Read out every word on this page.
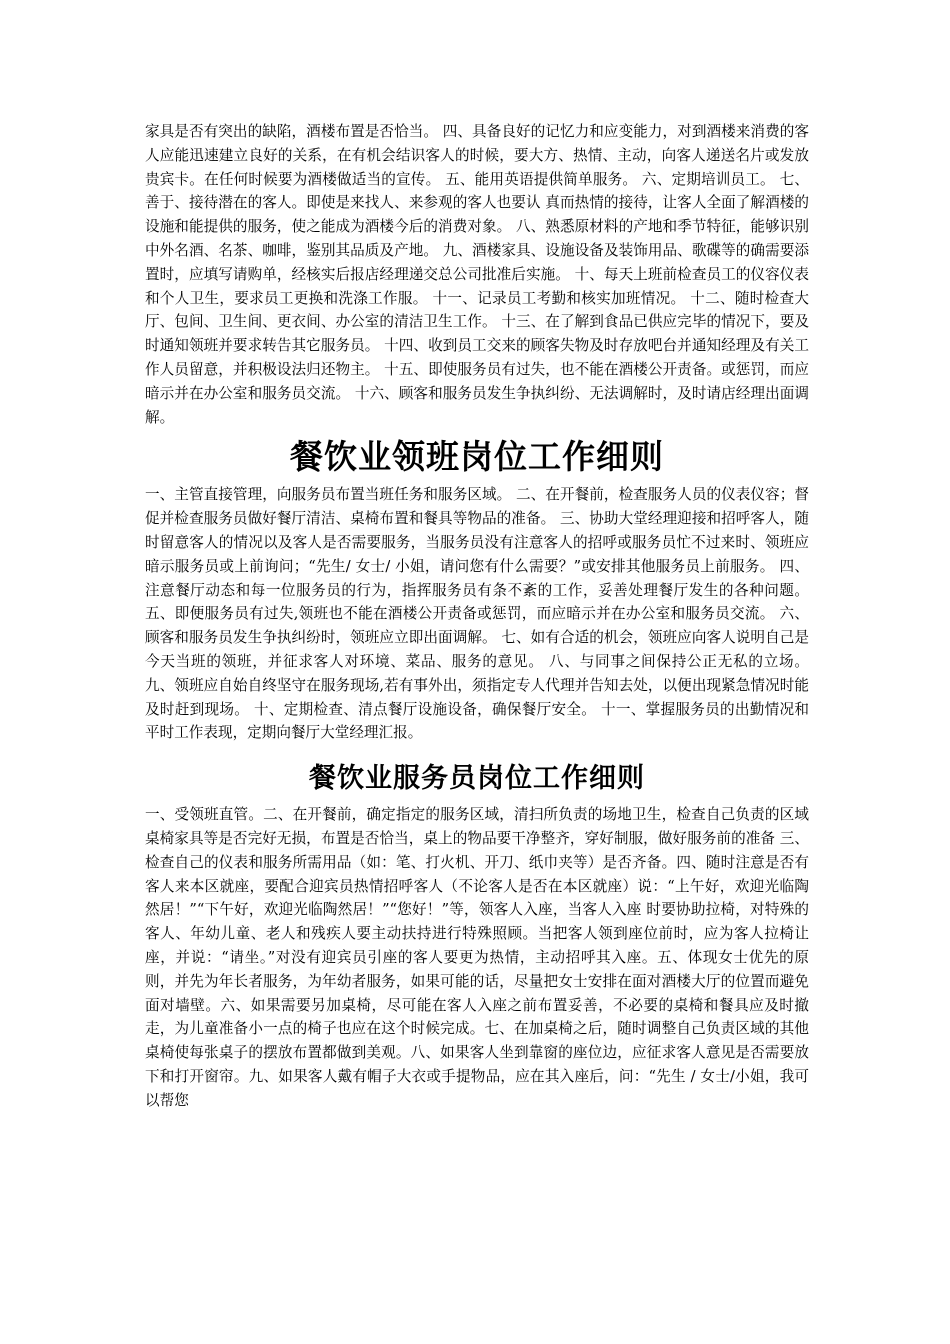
家具是否有突出的缺陷，酒楼布置是否恰当。 四、具备良好的记忆力和应变能力，对到酒楼来消费的客人应能迅速建立良好的关系，在有机会结识客人的时候，要大方、热情、主动，向客人递送名片或发放贵宾卡。在任何时候要为酒楼做适当的宣传。 五、能用英语提供简单服务。 六、定期培训员工。 七、 善于、接待潜在的客人。即使是来找人、来参观的客人也要认 真而热情的接待，让客人全面了解酒楼的设施和能提供的服务，使之能成为酒楼今后的消费对象。 八、熟悉原材料的产地和季节特征，能够识别中外名酒、名茶、咖啡，鉴别其品质及产地。 九、酒楼家具、设施设备及装饰用品、歌碟等的确需要添置时，应填写请购单，经核实后报店经理递交总公司批准后实施。 十、每天上班前检查员工的仪容仪表和个人卫生，要求员工更换和洗涤工作服。 十一、记录员工考勤和核实加班情况。 十二、随时检查大厅、包间、卫生间、更衣间、办公室的清洁卫生工作。 十三、在了解到食品已供应完毕的情况下，要及时通知领班并要求转告其它服务员。 十四、收到员工交来的顾客失物及时存放吧台并通知经理及有关工作人员留意，并积极设法归还物主。 十五、即使服务员有过失，也不能在酒楼公开责备。或惩罚，而应暗示并在办公室和服务员交流。 十六、顾客和服务员发生争执纠纷、无法调解时，及时请店经理出面调解。

餐饮业领班岗位工作细则

一、主管直接管理，向服务员布置当班任务和服务区域。 二、在开餐前，检查服务人员的仪表仪容；督促并检查服务员做好餐厅清洁、桌椅布置和餐具等物品的准备。 三、协助大堂经理迎接和招呼客人，随时留意客人的情况以及客人是否需要服务，当服务员没有注意客人的招呼或服务员忙不过来时、领班应暗示服务员或上前询问；“先生/ 女士/ 小姐，请问您有什么需要？”或安排其他服务员上前服务。 四、注意餐厅动态和每一位服务员的行为，指挥服务员有条不紊的工作，妥善处理餐厅发生的各种问题。 五、即便服务员有过失,领班也不能在酒楼公开责备或惩罚，而应暗示并在办公室和服务员交流。 六、顾客和服务员发生争执纠纷时，领班应立即出面调解。 七、如有合适的机会，领班应向客人说明自己是今天当班的领班，并征求客人对环境、菜品、服务的意见。 八、与同事之间保持公正无私的立场。 九、领班应自始自终坚守在服务现场,若有事外出，须指定专人代理并告知去处，以便出现紧急情况时能及时赶到现场。 十、定期检查、清点餐厅设施设备，确保餐厅安全。 十一、掌握服务员的出勤情况和平时工作表现，定期向餐厅大堂经理汇报。

餐饮业服务员岗位工作细则

一、受领班直管。二、在开餐前，确定指定的服务区域，清扫所负责的场地卫生，检查自己负责的区域桌椅家具等是否完好无损，布置是否恰当，桌上的物品要干净整齐，穿好制服，做好服务前的准备 三、检查自己的仪表和服务所需用品（如：笔、打火机、开刀、纸巾夹等）是否齐备。四、随时注意是否有客人来本区就座，要配合迎宾员热情招呼客人（不论客人是否在本区就座）说：“上午好，欢迎光临陶然居！”“下午好，欢迎光临陶然居！”“您好！”等，领客人入座，当客人入座 时要协助拉椅，对特殊的客人、年幼儿童、老人和残疾人要主动扶持进行特殊照顾。当把客人领到座位前时，应为客人拉椅让座，并说：“请坐。”对没有迎宾员引座的客人要更为热情，主动招呼其入座。五、体现女士优先的原则，并先为年长者服务，为年幼者服务，如果可能的话，尽量把女士安排在面对酒楼大厅的位置而避免面对墙壁。六、如果需要另加桌椅，尽可能在客人入座之前布置妥善，不必要的桌椅和餐具应及时撤走，为儿童准备小一点的椅子也应在这个时候完成。七、在加桌椅之后，随时调整自己负责区域的其他桌椅使每张桌子的摆放布置都做到美观。八、如果客人坐到靠窗的座位边，应征求客人意见是否需要放下和打开窗帘。九、如果客人戴有帽子大衣或手提物品，应在其入座后，问：“先生 / 女士/小姐，我可以帮您
